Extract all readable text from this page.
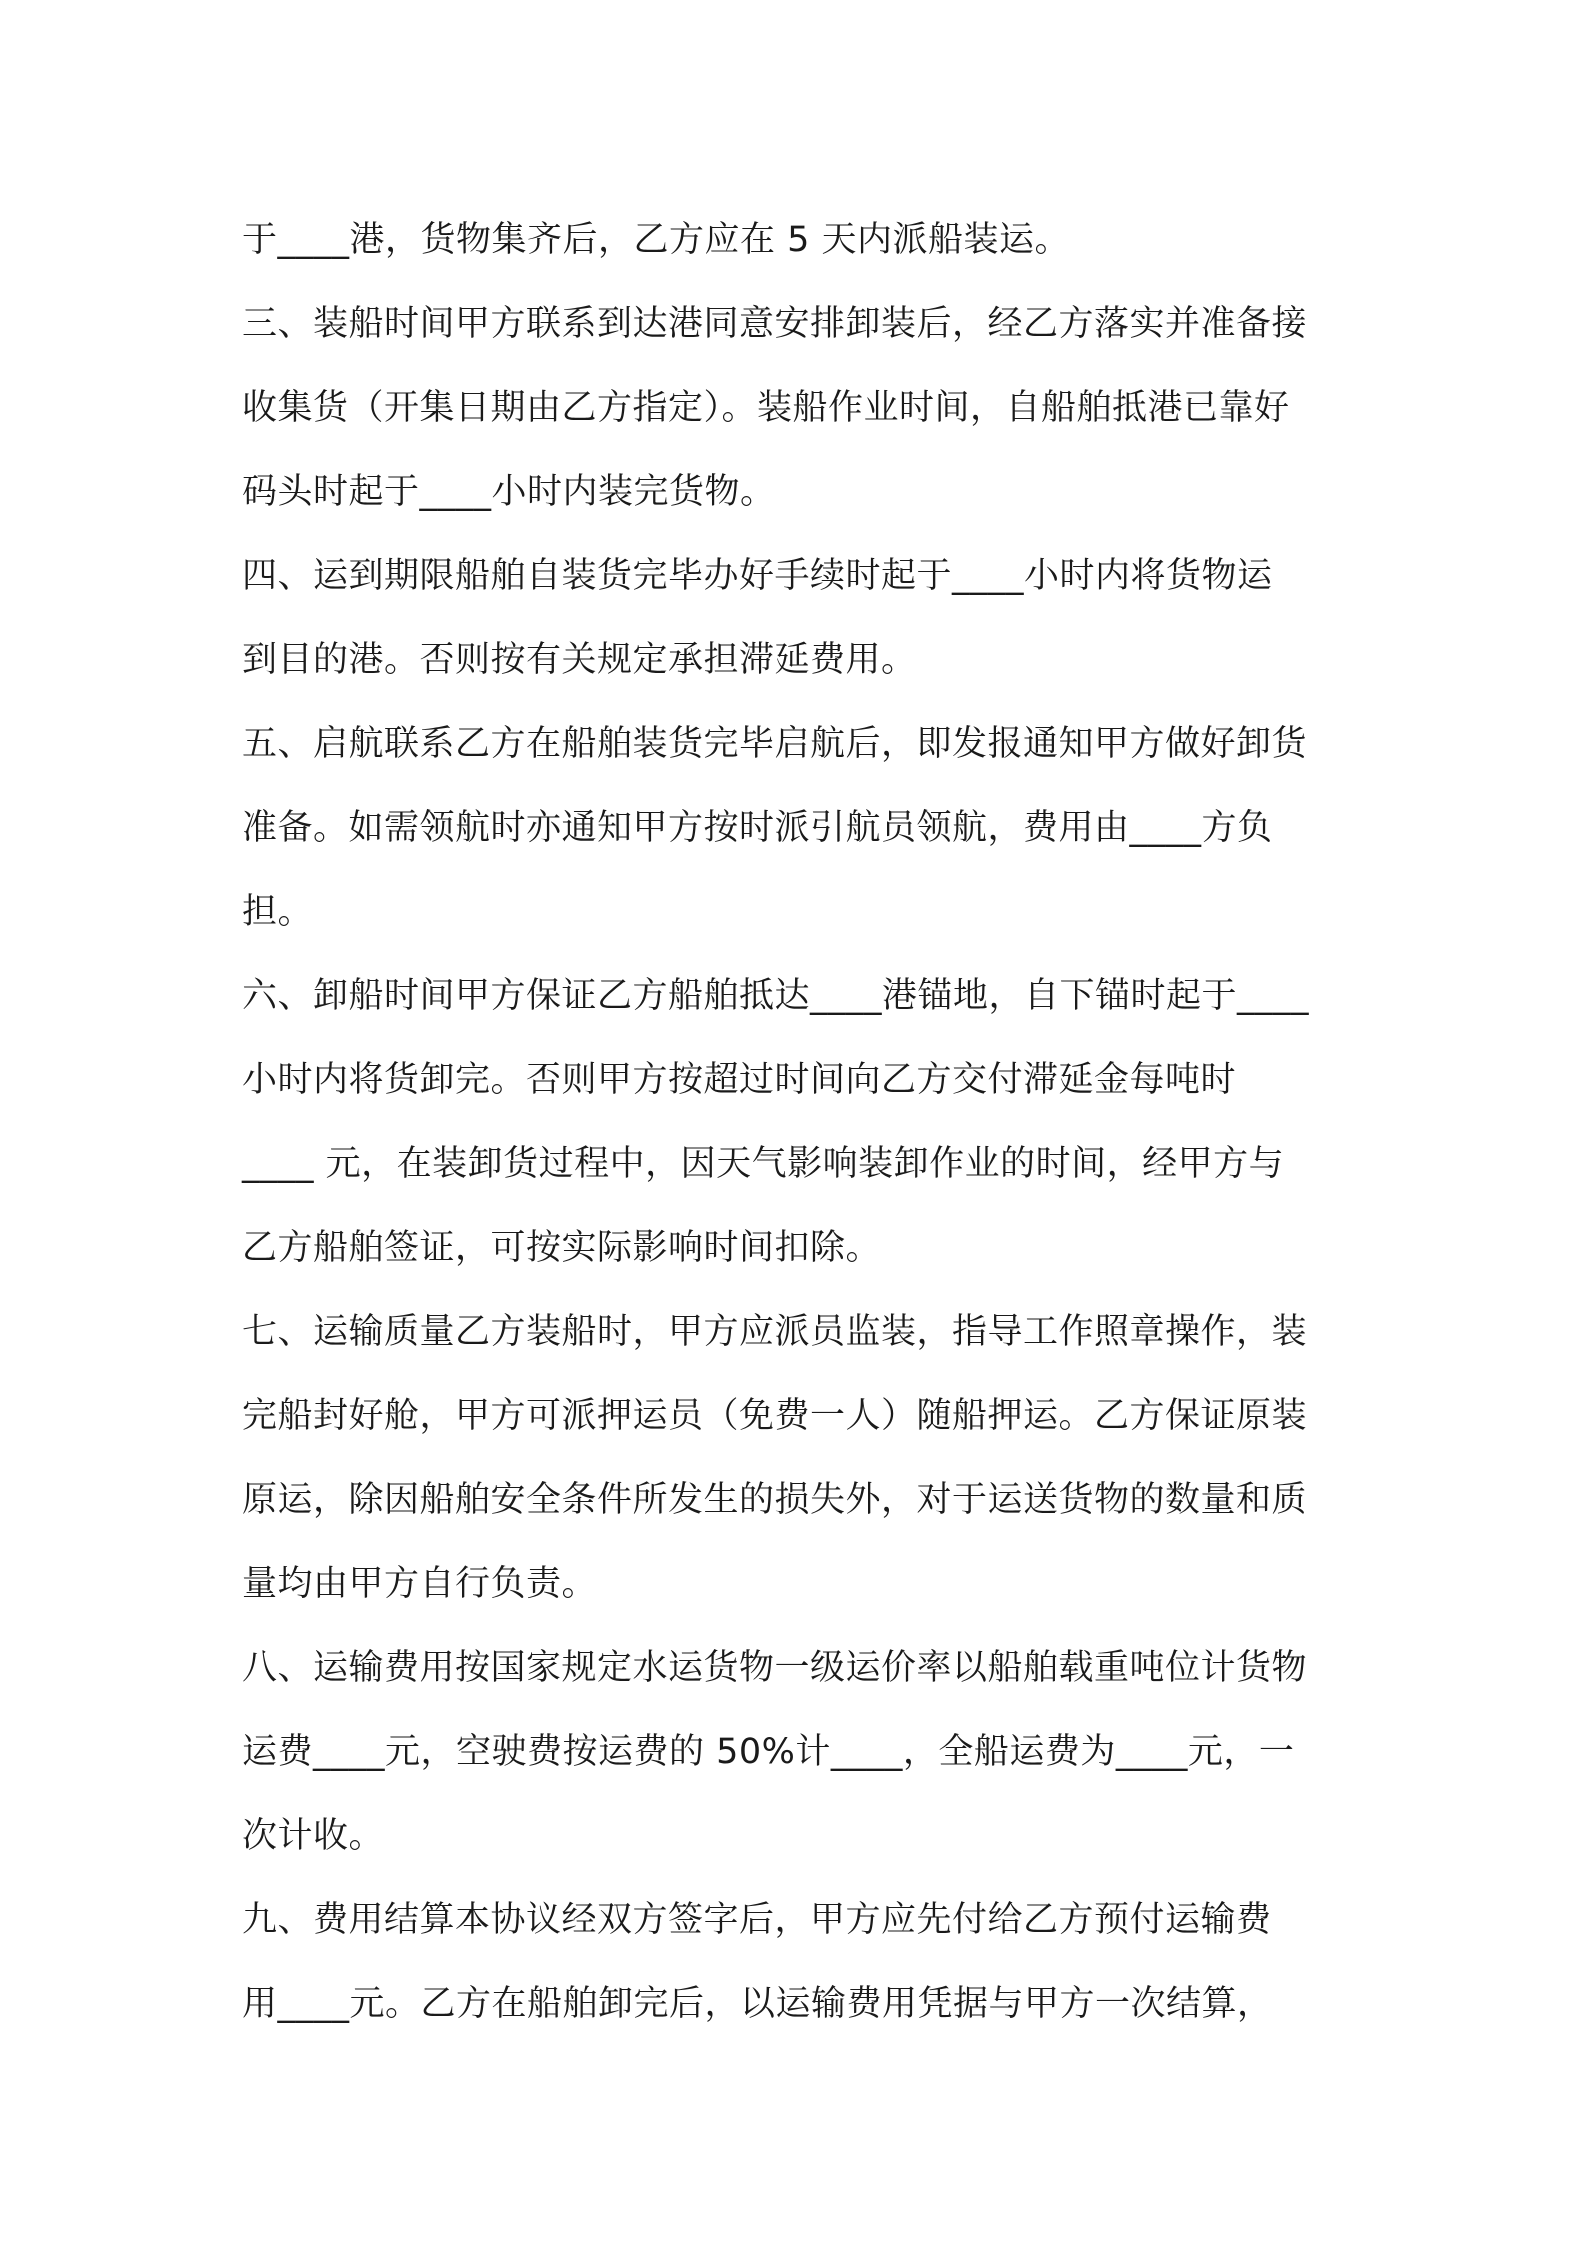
于____港，货物集齐后，乙方应在 5 天内派船装运。

三、装船时间甲方联系到达港同意安排卸装后，经乙方落实并准备接
收集货（开集日期由乙方指定）。装船作业时间，自船舶抵港已靠好
码头时起于____小时内装完货物。

四、运到期限船舶自装货完毕办好手续时起于____小时内将货物运
到目的港。否则按有关规定承担滞延费用。

五、启航联系乙方在船舶装货完毕启航后，即发报通知甲方做好卸货
准备。如需领航时亦通知甲方按时派引航员领航，费用由____方负
担。

六、卸船时间甲方保证乙方船舶抵达____港锚地，自下锚时起于____
小时内将货卸完。否则甲方按超过时间向乙方交付滞延金每吨时
____ 元，在装卸货过程中，因天气影响装卸作业的时间，经甲方与
乙方船舶签证，可按实际影响时间扣除。

七、运输质量乙方装船时，甲方应派员监装，指导工作照章操作，装
完船封好舱，甲方可派押运员（免费一人）随船押运。乙方保证原装
原运，除因船舶安全条件所发生的损失外，对于运送货物的数量和质
量均由甲方自行负责。

八、运输费用按国家规定水运货物一级运价率以船舶载重吨位计货物
运费____元，空驶费按运费的 50%计____，全船运费为____元，一
次计收。

九、费用结算本协议经双方签字后，甲方应先付给乙方预付运输费
用____元。乙方在船舶卸完后，以运输费用凭据与甲方一次结算，
